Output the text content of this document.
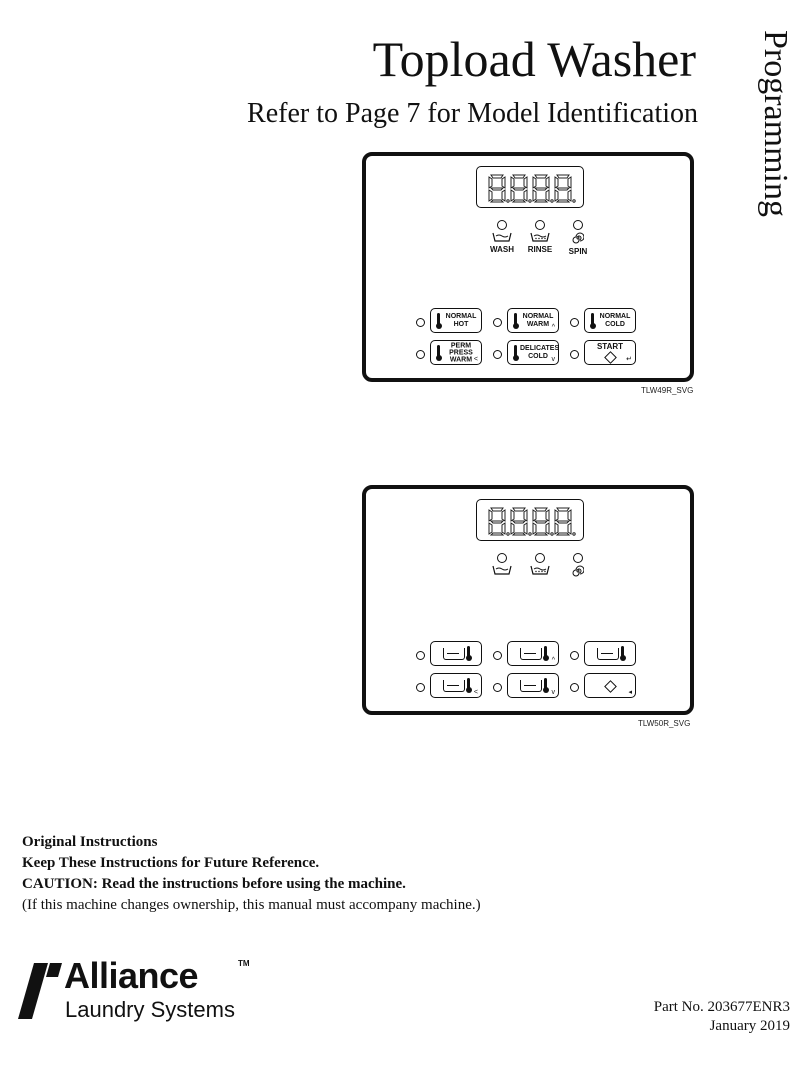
Topload Washer
Refer to Page 7 for Model Identification Programming
WASH	RINSE	SPIN
NORMAL
HOT
NORMAL
WARM ^
NORMAL
COLD
PERM
PRESS
WARM <
DELICATES
COLD v
START
↵
TLW49R_SVG
^
<	v	◂
TLW50R_SVG
Original Instructions
Keep These Instructions for Future Reference.
CAUTION: Read the instructions before using the machine.
(If this machine changes ownership, this manual must accompany machine.)
Alliance	TM
Laundry Systems	Part No. 203677ENR3
January 2019
